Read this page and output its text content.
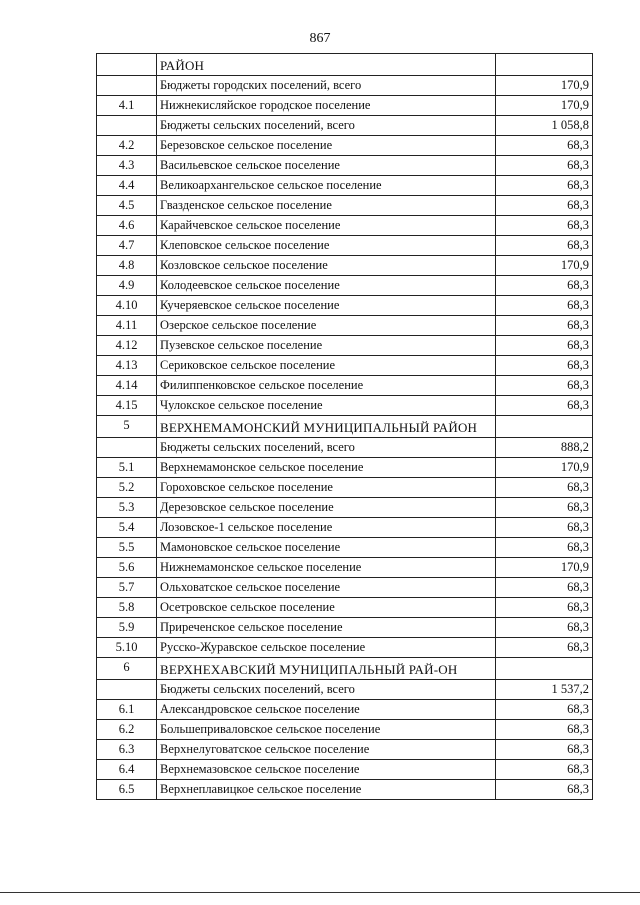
867
	РАЙОН	
	Бюджеты городских поселений, всего	170,9
4.1	Нижнекисляйское городское поселение	170,9
	Бюджеты сельских поселений, всего	1 058,8
4.2	Березовское сельское поселение	68,3
4.3	Васильевское сельское поселение	68,3
4.4	Великоархангельское сельское поселение	68,3
4.5	Гвазденское сельское поселение	68,3
4.6	Карайчевское сельское поселение	68,3
4.7	Клеповское сельское поселение	68,3
4.8	Козловское сельское поселение	170,9
4.9	Колодеевское сельское поселение	68,3
4.10	Кучеряевское сельское поселение	68,3
4.11	Озерское сельское поселение	68,3
4.12	Пузевское сельское поселение	68,3
4.13	Сериковское сельское поселение	68,3
4.14	Филиппенковское сельское поселение	68,3
4.15	Чулокское сельское поселение	68,3
5	ВЕРХНЕМАМОНСКИЙ МУНИЦИПАЛЬНЫЙ РАЙОН	
	Бюджеты сельских поселений, всего	888,2
5.1	Верхнемамонское сельское поселение	170,9
5.2	Гороховское сельское поселение	68,3
5.3	Дерезовское сельское поселение	68,3
5.4	Лозовское-1 сельское поселение	68,3
5.5	Мамоновское сельское поселение	68,3
5.6	Нижнемамонское сельское поселение	170,9
5.7	Ольховатское сельское поселение	68,3
5.8	Осетровское сельское поселение	68,3
5.9	Приреченское сельское поселение	68,3
5.10	Русско-Журавское сельское поселение	68,3
6	ВЕРХНЕХАВСКИЙ МУНИЦИПАЛЬНЫЙ РАЙ-ОН	
	Бюджеты сельских поселений, всего	1 537,2
6.1	Александровское сельское поселение	68,3
6.2	Большеприваловское сельское поселение	68,3
6.3	Верхнелуговатское сельское поселение	68,3
6.4	Верхнемазовское сельское поселение	68,3
6.5	Верхнеплавицкое сельское поселение	68,3
